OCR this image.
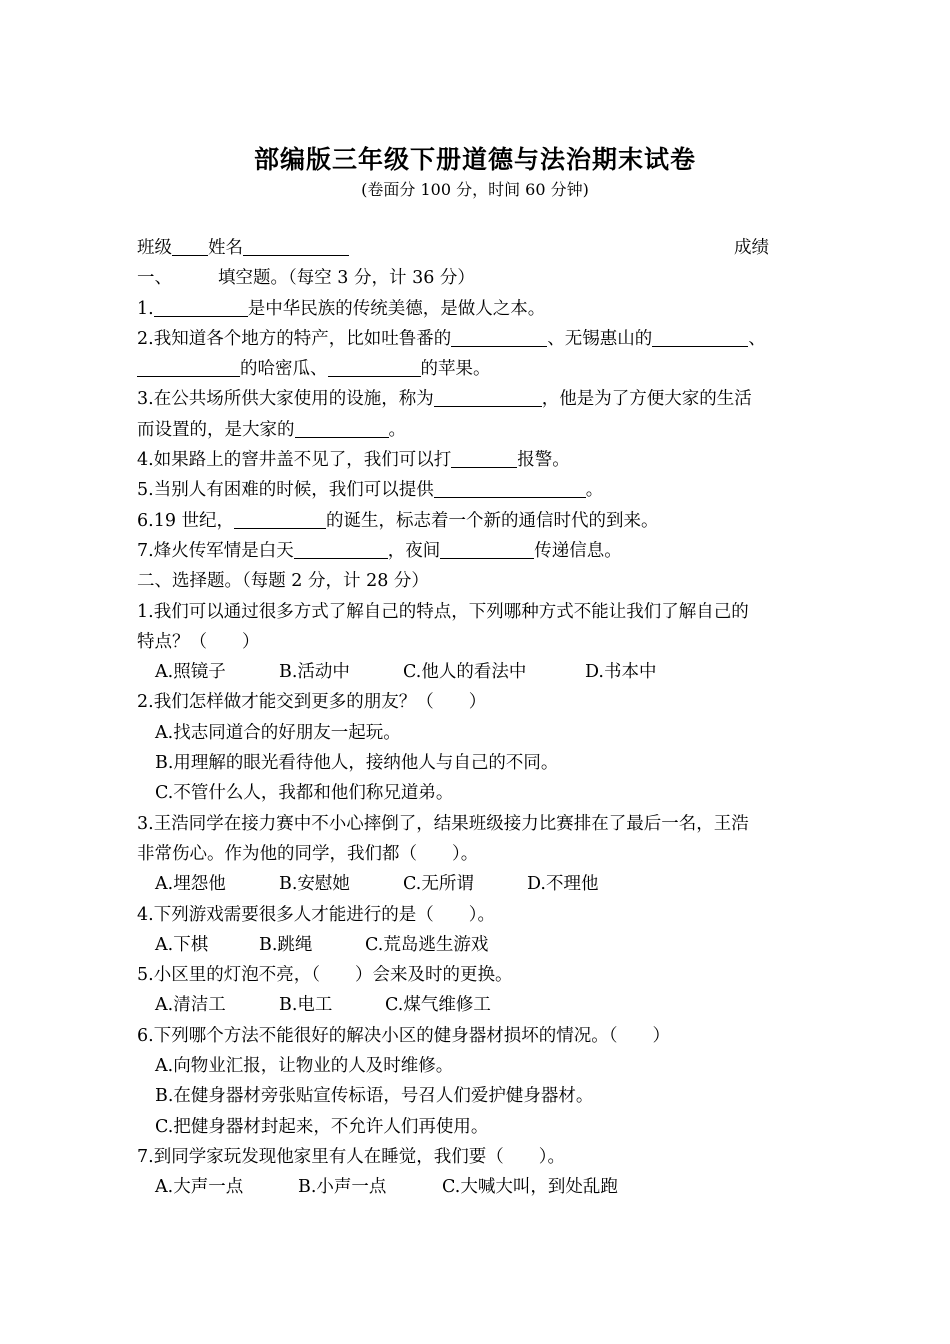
部编版三年级下册道德与法治期末试卷
(卷面分 100 分，时间 60 分钟)
班级 姓名	成绩
一、	填空题。（每空 3 分，计 36 分）
1.	是中华民族的传统美德，是做人之本。
2.我知道各个地方的特产，比如吐鲁番的	、无锡惠山的	、
的哈密瓜、	的苹果。
3.在公共场所供大家使用的设施，称为	，他是为了方便大家的生活
而设置的，是大家的	。
4.如果路上的窨井盖不见了，我们可以打	报警。
5.当别人有困难的时候，我们可以提供	。
6.19 世纪，	的诞生，标志着一个新的通信时代的到来。
7.烽火传军情是白天	，夜间	传递信息。
二、选择题。（每题 2 分，计 28 分）
1.我们可以通过很多方式了解自己的特点，下列哪种方式不能让我们了解自己的
特点？（　　）
A.照镜子	B.活动中	C.他人的看法中	D.书本中
2.我们怎样做才能交到更多的朋友？（　　）
A.找志同道合的好朋友一起玩。
B.用理解的眼光看待他人，接纳他人与自己的不同。
C.不管什么人，我都和他们称兄道弟。
3.王浩同学在接力赛中不小心摔倒了，结果班级接力比赛排在了最后一名，王浩
非常伤心。作为他的同学，我们都（　　）。
A.埋怨他	B.安慰她	C.无所谓	D.不理他
4.下列游戏需要很多人才能进行的是（　　）。
A.下棋	B.跳绳	C.荒岛逃生游戏
5.小区里的灯泡不亮，（　　）会来及时的更换。
A.清洁工	B.电工	C.煤气维修工
6.下列哪个方法不能很好的解决小区的健身器材损坏的情况。（　　）
A.向物业汇报，让物业的人及时维修。
B.在健身器材旁张贴宣传标语，号召人们爱护健身器材。
C.把健身器材封起来，不允许人们再使用。
7.到同学家玩发现他家里有人在睡觉，我们要（　　）。
A.大声一点	B.小声一点	C.大喊大叫，到处乱跑
